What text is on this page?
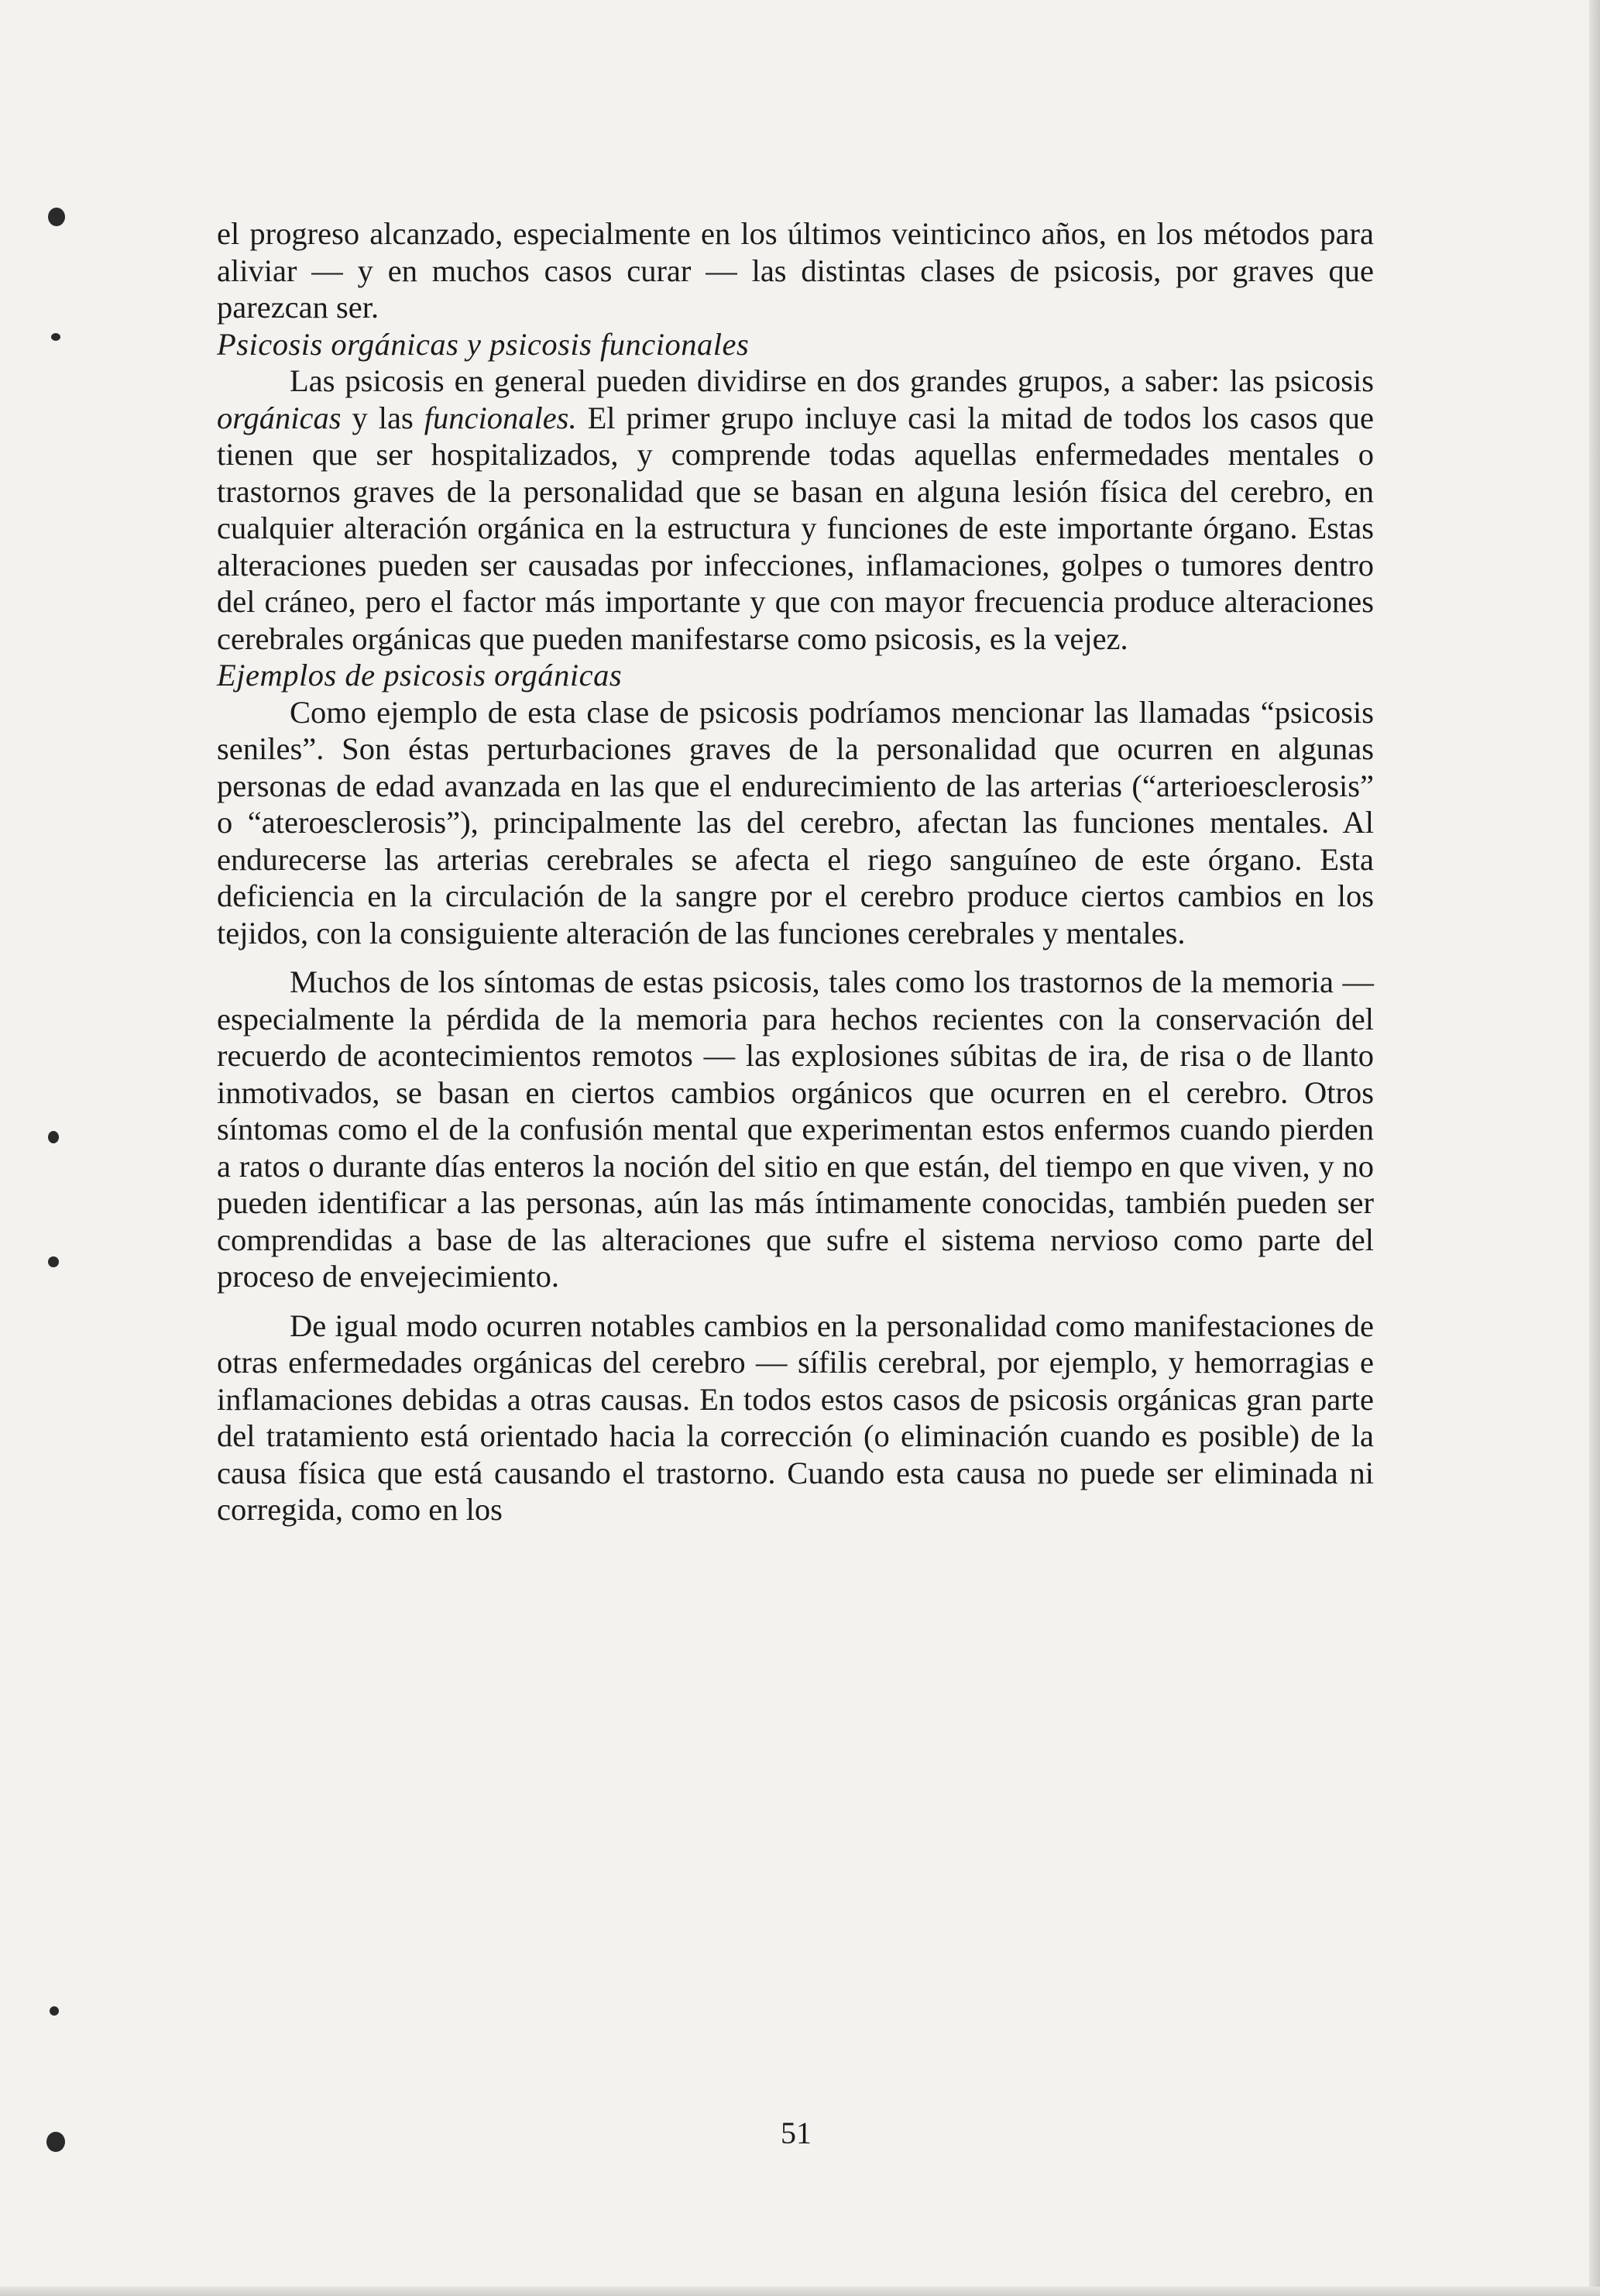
el progreso alcanzado, especialmente en los últimos veinticinco años, en los métodos para aliviar — y en muchos casos curar — las distintas clases de psicosis, por graves que parezcan ser.

Psicosis orgánicas y psicosis funcionales

Las psicosis en general pueden dividirse en dos grandes grupos, a saber: las psicosis orgánicas y las funcionales. El primer grupo incluye casi la mitad de todos los casos que tienen que ser hospitalizados, y comprende todas aquellas enfermedades mentales o trastornos graves de la personalidad que se basan en alguna lesión física del cerebro, en cualquier alteración orgánica en la estructura y funciones de este importante órgano. Estas alteraciones pueden ser causadas por infecciones, inflamaciones, golpes o tumores dentro del cráneo, pero el factor más importante y que con mayor frecuencia produce alteraciones cerebrales orgánicas que pueden manifestarse como psicosis, es la vejez.

Ejemplos de psicosis orgánicas

Como ejemplo de esta clase de psicosis podríamos mencionar las llamadas “psicosis seniles”. Son éstas perturbaciones graves de la personalidad que ocurren en algunas personas de edad avanzada en las que el endurecimiento de las arterias (“arterioesclerosis” o “ateroesclerosis”), principalmente las del cerebro, afectan las funciones mentales. Al endurecerse las arterias cerebrales se afecta el riego sanguíneo de este órgano. Esta deficiencia en la circulación de la sangre por el cerebro produce ciertos cambios en los tejidos, con la consiguiente alteración de las funciones cerebrales y mentales.

Muchos de los síntomas de estas psicosis, tales como los trastornos de la memoria — especialmente la pérdida de la memoria para hechos recientes con la conservación del recuerdo de acontecimientos remotos — las explosiones súbitas de ira, de risa o de llanto inmotivados, se basan en ciertos cambios orgánicos que ocurren en el cerebro. Otros síntomas como el de la confusión mental que experimentan estos enfermos cuando pierden a ratos o durante días enteros la noción del sitio en que están, del tiempo en que viven, y no pueden identificar a las personas, aún las más íntimamente conocidas, también pueden ser comprendidas a base de las alteraciones que sufre el sistema nervioso como parte del proceso de envejecimiento.

De igual modo ocurren notables cambios en la personalidad como manifestaciones de otras enfermedades orgánicas del cerebro — sífilis cerebral, por ejemplo, y hemorragias e inflamaciones debidas a otras causas. En todos estos casos de psicosis orgánicas gran parte del tratamiento está orientado hacia la corrección (o eliminación cuando es posible) de la causa física que está causando el trastorno. Cuando esta causa no puede ser eliminada ni corregida, como en los

51
